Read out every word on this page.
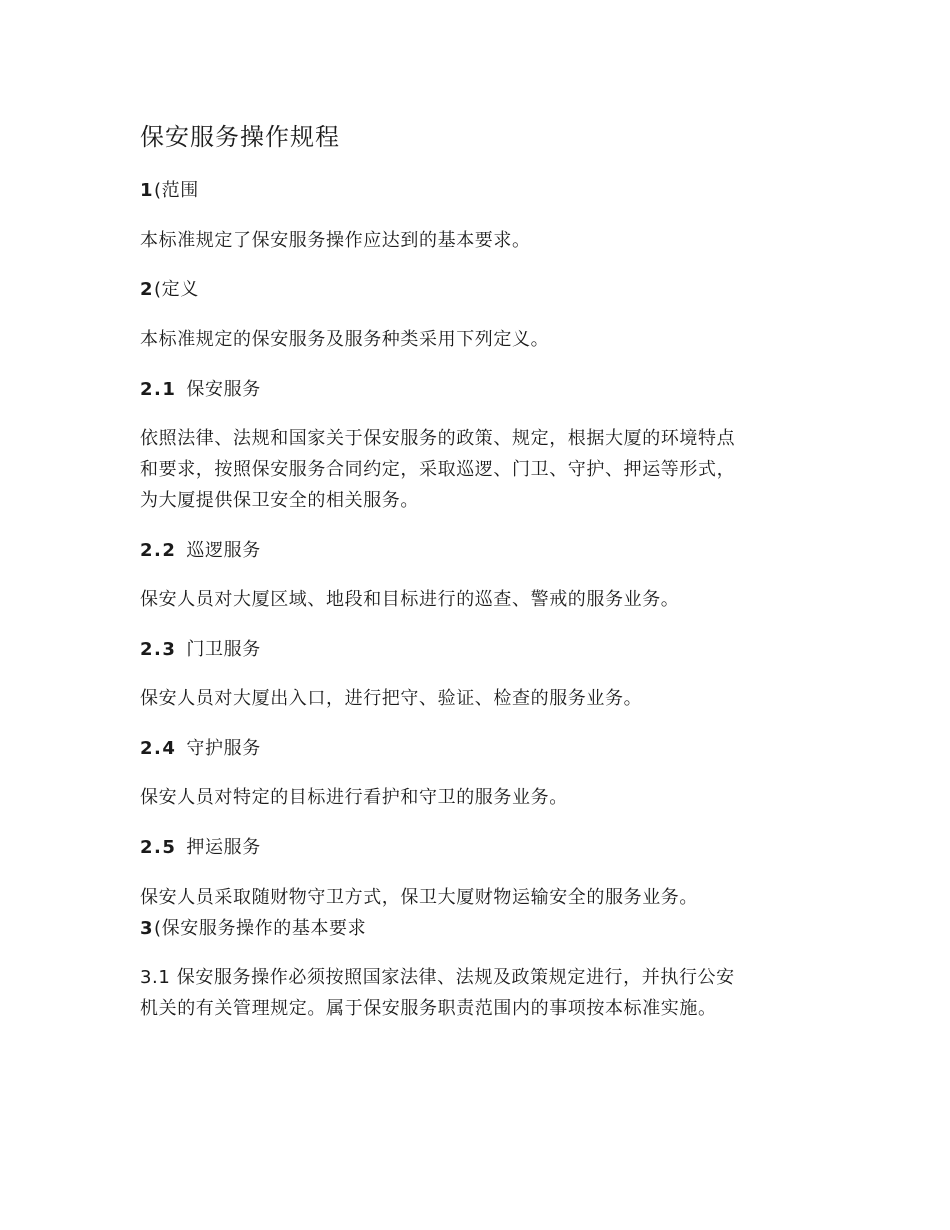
保安服务操作规程
1(范围
本标准规定了保安服务操作应达到的基本要求。
2(定义
本标准规定的保安服务及服务种类采用下列定义。
2.1 保安服务
依照法律、法规和国家关于保安服务的政策、规定，根据大厦的环境特点
和要求，按照保安服务合同约定，采取巡逻、门卫、守护、押运等形式，
为大厦提供保卫安全的相关服务。
2.2 巡逻服务
保安人员对大厦区域、地段和目标进行的巡查、警戒的服务业务。
2.3 门卫服务
保安人员对大厦出入口，进行把守、验证、检查的服务业务。
2.4 守护服务
保安人员对特定的目标进行看护和守卫的服务业务。
2.5 押运服务
保安人员采取随财物守卫方式，保卫大厦财物运输安全的服务业务。
3(保安服务操作的基本要求
3.1 保安服务操作必须按照国家法律、法规及政策规定进行，并执行公安
机关的有关管理规定。属于保安服务职责范围内的事项按本标准实施。
